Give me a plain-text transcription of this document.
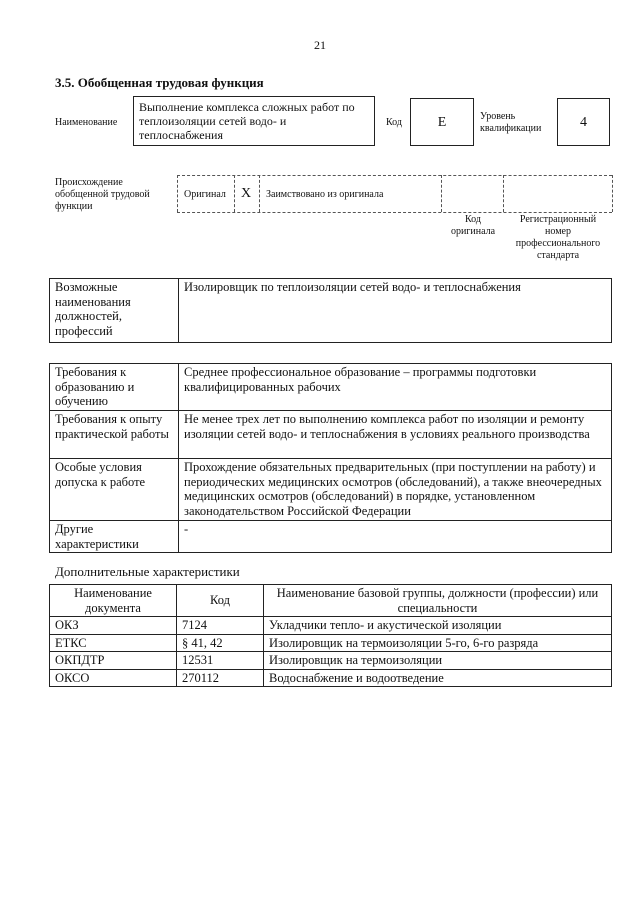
21
3.5. Обобщенная трудовая функция
Наименование
Выполнение комплекса сложных работ по теплоизоляции сетей водо- и теплоснабжения
Код	E	Уровень квалификации	4
Происхождение обобщенной трудовой функции
Оригинал X Заимствовано из оригинала
Код оригинала
Регистрационный номер профессионального стандарта
Возможные наименования должностей, профессий	Изолировщик по теплоизоляции сетей водо- и теплоснабжения
Требования к образованию и обучению	Среднее профессиональное образование – программы подготовки квалифицированных рабочих
Требования к опыту практической работы	Не менее трех лет по выполнению комплекса работ по изоляции и ремонту изоляции сетей водо- и теплоснабжения в условиях реального производства
Особые условия допуска к работе	Прохождение обязательных предварительных (при поступлении на работу) и периодических медицинских осмотров (обследований), а также внеочередных медицинских осмотров (обследований) в порядке, установленном законодательством Российской Федерации
Другие характеристики	-
Дополнительные характеристики
Наименование документа	Код	Наименование базовой группы, должности (профессии) или специальности
ОКЗ	7124	Укладчики тепло- и акустической изоляции
ЕТКС	§ 41, 42	Изолировщик на термоизоляции 5-го, 6-го разряда
ОКПДТР	12531	Изолировщик на термоизоляции
ОКСО	270112	Водоснабжение и водоотведение
